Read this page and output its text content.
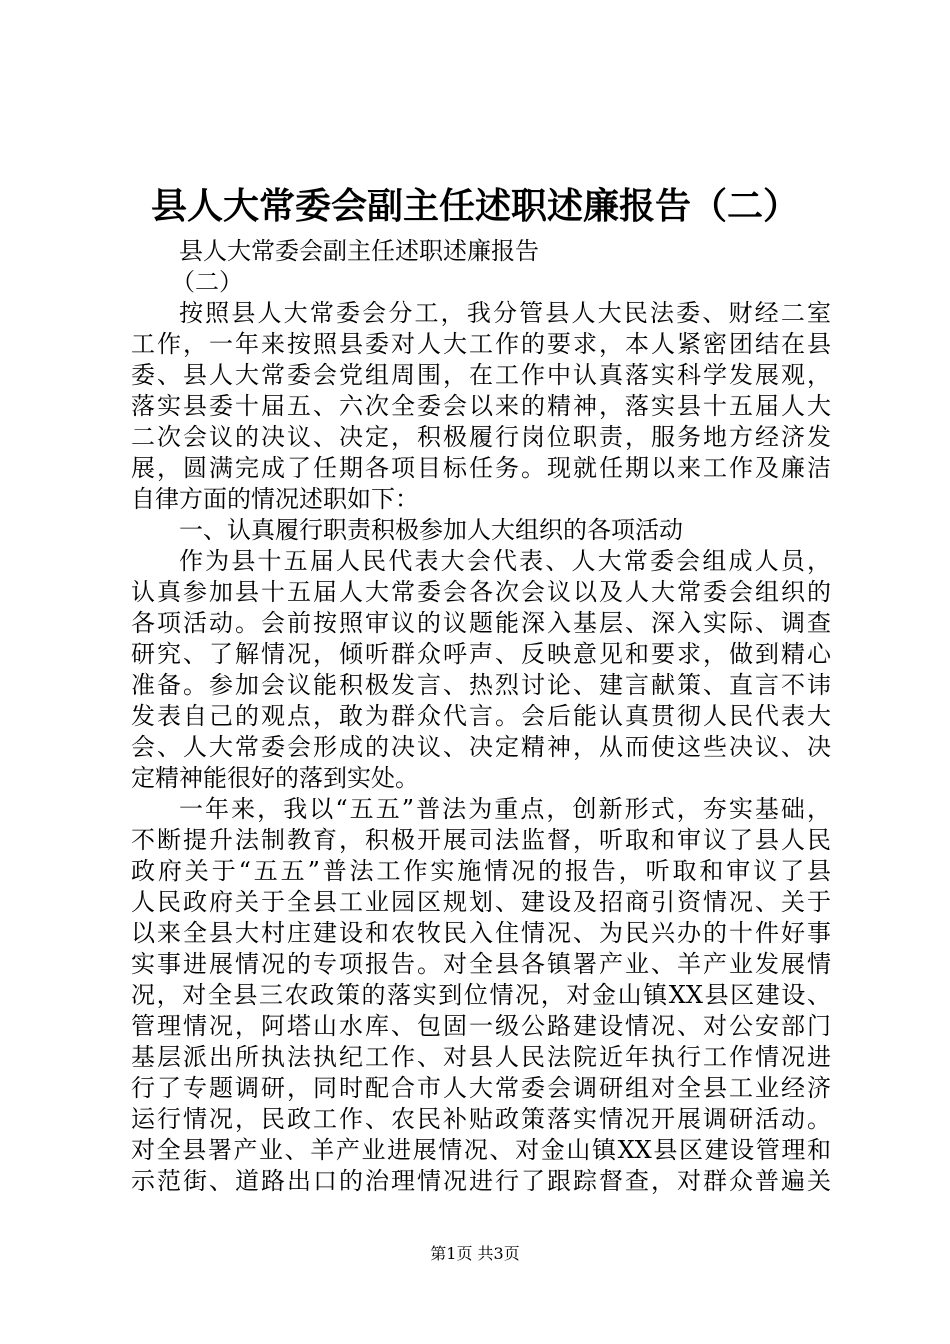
县人大常委会副主任述职述廉报告（二）
县人大常委会副主任述职述廉报告
（二）
按照县人大常委会分工，我分管县人大民法委、财经二室
工作，一年来按照县委对人大工作的要求，本人紧密团结在县
委、县人大常委会党组周围，在工作中认真落实科学发展观，
落实县委十届五、六次全委会以来的精神，落实县十五届人大
二次会议的决议、决定，积极履行岗位职责，服务地方经济发
展，圆满完成了任期各项目标任务。现就任期以来工作及廉洁
自律方面的情况述职如下：
一、认真履行职责积极参加人大组织的各项活动
作为县十五届人民代表大会代表、人大常委会组成人员，
认真参加县十五届人大常委会各次会议以及人大常委会组织的
各项活动。会前按照审议的议题能深入基层、深入实际、调查
研究、了解情况，倾听群众呼声、反映意见和要求，做到精心
准备。参加会议能积极发言、热烈讨论、建言献策、直言不讳
发表自己的观点，敢为群众代言。会后能认真贯彻人民代表大
会、人大常委会形成的决议、决定精神，从而使这些决议、决
定精神能很好的落到实处。
一年来，我以“五五”普法为重点，创新形式，夯实基础，
不断提升法制教育，积极开展司法监督，听取和审议了县人民
政府关于“五五”普法工作实施情况的报告，听取和审议了县
人民政府关于全县工业园区规划、建设及招商引资情况、关于
以来全县大村庄建设和农牧民入住情况、为民兴办的十件好事
实事进展情况的专项报告。对全县各镇署产业、羊产业发展情
况，对全县三农政策的落实到位情况，对金山镇XX县区建设、
管理情况，阿塔山水库、包固一级公路建设情况、对公安部门
基层派出所执法执纪工作、对县人民法院近年执行工作情况进
行了专题调研，同时配合市人大常委会调研组对全县工业经济
运行情况，民政工作、农民补贴政策落实情况开展调研活动。
对全县署产业、羊产业进展情况、对金山镇XX县区建设管理和
示范街、道路出口的治理情况进行了跟踪督查，对群众普遍关
第1页 共3页
